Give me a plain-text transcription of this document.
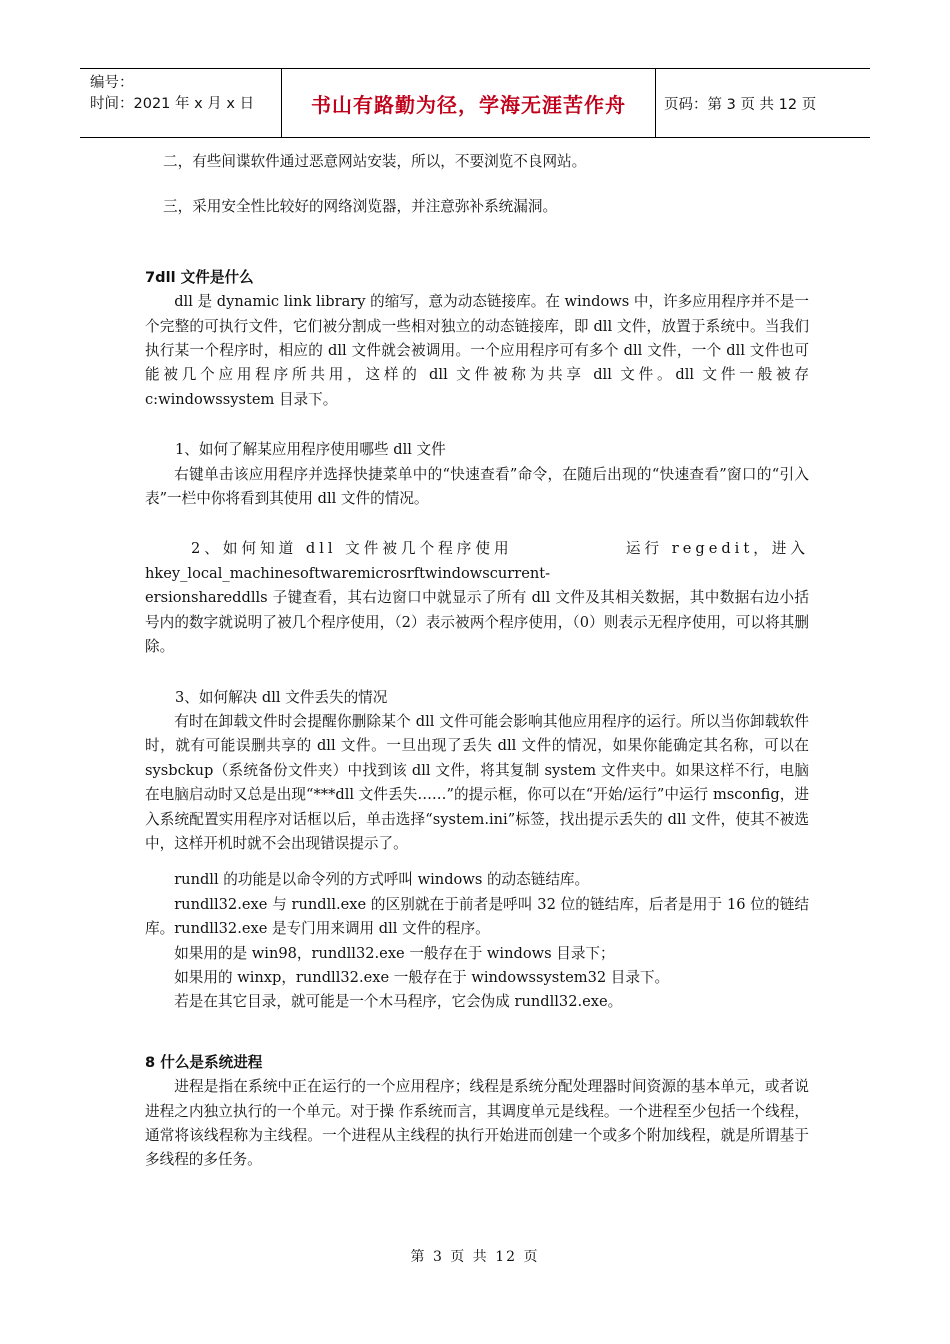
编号：
时间：2021 年 x 月 x 日	书山有路勤为径，学海无涯苦作舟	页码：第 3 页 共 12 页

二，有些间谍软件通过恶意网站安装，所以，不要浏览不良网站。

三，采用安全性比较好的网络浏览器，并注意弥补系统漏洞。

7dll 文件是什么

dll 是 dynamic link library 的缩写，意为动态链接库。在 windows 中，许多应用程序并不是一个完整的可执行文件，它们被分割成一些相对独立的动态链接库，即 dll 文件，放置于系统中。当我们执行某一个程序时，相应的 dll 文件就会被调用。一个应用程序可有多个 dll 文件，一个 dll 文件也可能被几个应用程序所共用，这样的 dll 文件被称为共享 dll 文件。dll 文件一般被存 c:windowssystem 目录下。

1、如何了解某应用程序使用哪些 dll 文件

右键单击该应用程序并选择快捷菜单中的“快速查看”命令，在随后出现的“快速查看”窗口的“引入表”一栏中你将看到其使用 dll 文件的情况。

2、如何知道 dll 文件被几个程序使用	运行 regedit，进入

hkey_local_machinesoftwaremicrosrftwindowscurrent-

ersionshareddlls 子键查看，其右边窗口中就显示了所有 dll 文件及其相关数据，其中数据右边小括号内的数字就说明了被几个程序使用，（2）表示被两个程序使用，（0）则表示无程序使用，可以将其删除。

3、如何解决 dll 文件丢失的情况

有时在卸载文件时会提醒你删除某个 dll 文件可能会影响其他应用程序的运行。所以当你卸载软件时，就有可能误删共享的 dll 文件。一旦出现了丢失 dll 文件的情况，如果你能确定其名称，可以在 sysbckup（系统备份文件夹）中找到该 dll 文件，将其复制 system 文件夹中。如果这样不行，电脑在电脑启动时又总是出现“***dll 文件丢失……”的提示框，你可以在“开始/运行”中运行 msconfig，进入系统配置实用程序对话框以后，单击选择“system.ini”标签，找出提示丢失的 dll 文件，使其不被选中，这样开机时就不会出现错误提示了。

rundll 的功能是以命令列的方式呼叫 windows 的动态链结库。

rundll32.exe 与 rundll.exe 的区别就在于前者是呼叫 32 位的链结库，后者是用于 16 位的链结库。rundll32.exe 是专门用来调用 dll 文件的程序。

如果用的是 win98，rundll32.exe 一般存在于 windows 目录下；

如果用的 winxp，rundll32.exe 一般存在于 windowssystem32 目录下。

若是在其它目录，就可能是一个木马程序，它会伪成 rundll32.exe。

8 什么是系统进程

进程是指在系统中正在运行的一个应用程序；线程是系统分配处理器时间资源的基本单元，或者说进程之内独立执行的一个单元。对于操 作系统而言，其调度单元是线程。一个进程至少包括一个线程，通常将该线程称为主线程。一个进程从主线程的执行开始进而创建一个或多个附加线程，就是所谓基于多线程的多任务。

第 3 页 共 12 页
